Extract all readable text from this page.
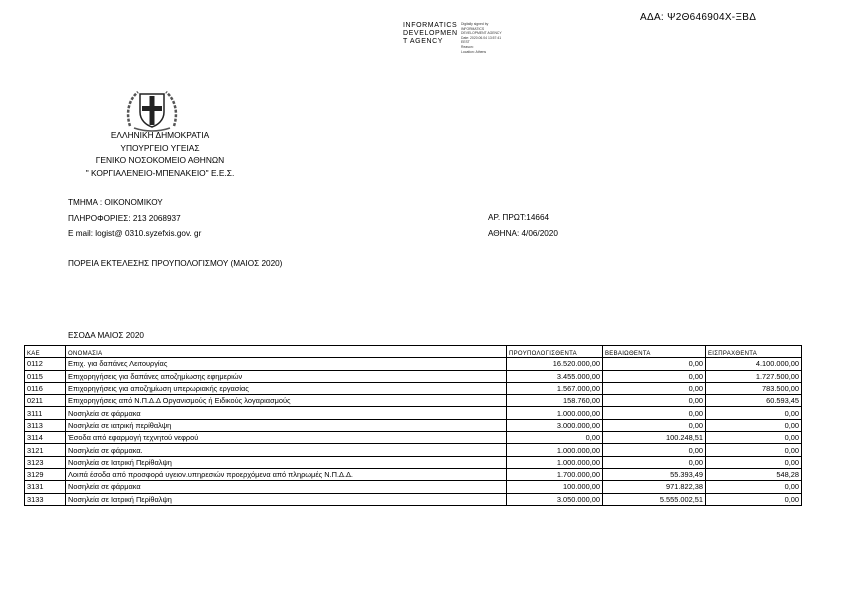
ΑΔΑ: Ψ2Θ646904Χ-ΞΒΔ
INFORMATICS
DEVELOPMEN
T AGENCY
Digitally signed by
INFORMATICS
DEVELOPMENT AGENCY
Date: 2020.06.04 13:57:41
EEST
Reason:
Location: Athens
ΕΛΛΗΝΙΚΗ ΔΗΜΟΚΡΑΤΙΑ
ΥΠΟΥΡΓΕΙΟ ΥΓΕΙΑΣ
ΓΕΝΙΚΟ ΝΟΣΟΚΟΜΕΙΟ ΑΘΗΝΩΝ
" ΚΟΡΓΙΑΛΕΝΕΙΟ-ΜΠΕΝΑΚΕΙΟ" Ε.Ε.Σ.
ΤΜΗΜΑ : ΟΙΚΟΝΟΜΙΚΟΥ
ΠΛΗΡΟΦΟΡΙΕΣ: 213 2068937
E mail: logist@ 0310.syzefxis.gov. gr
ΑΡ. ΠΡΩΤ:14664
ΑΘΗΝΑ: 4/06/2020
ΠΟΡΕΙΑ ΕΚΤΕΛΕΣΗΣ ΠΡΟΥΠΟΛΟΓΙΣΜΟΥ (ΜΑΙΟΣ 2020)
ΕΣΟΔΑ ΜΑΙΟΣ 2020
ΚΑΕ	ΟΝΟΜΑΣΙΑ	ΠΡΟΥΠΟΛΟΓΙΣΘΕΝΤΑ	ΒΕΒΑΙΩΘΕΝΤΑ	ΕΙΣΠΡΑΧΘΕΝΤΑ
0112	Επιχ. για δαπάνες Λειτουργίας	16.520.000,00	0,00	4.100.000,00
0115	Επιχορηγήσεις για δαπάνες αποζημίωσης εφημεριών	3.455.000,00	0,00	1.727.500,00
0116	Επιχορηγήσεις για αποζημίωση υπερωριακής εργασίας	1.567.000,00	0,00	783.500,00
0211	Επιχορηγήσεις από Ν.Π.Δ.Δ Οργανισμούς ή Ειδικούς λογαριασμούς	158.760,00	0,00	60.593,45
3111	Νοσηλεία σε φάρμακα	1.000.000,00	0,00	0,00
3113	Νοσηλεία σε ιατρική περίθαλψη	3.000.000,00	0,00	0,00
3114	Έσοδα από εφαρμογή τεχνητού νεφρού	0,00	100.248,51	0,00
3121	Νοσηλεία σε φάρμακα.	1.000.000,00	0,00	0,00
3123	Νοσηλεία σε Ιατρική Περίθαλψη	1.000.000,00	0,00	0,00
3129	Λοιπά έσοδα από προσφορά υγειον.υπηρεσιών προερχόμενα από πληρωμές Ν.Π.Δ.Δ.	1.700.000,00	55.393,49	548,28
3131	Νοσηλεία σε φάρμακα	100.000,00	971.822,38	0,00
3133	Νοσηλεία σε Ιατρική Περίθαλψη	3.050.000,00	5.555.002,51	0,00
